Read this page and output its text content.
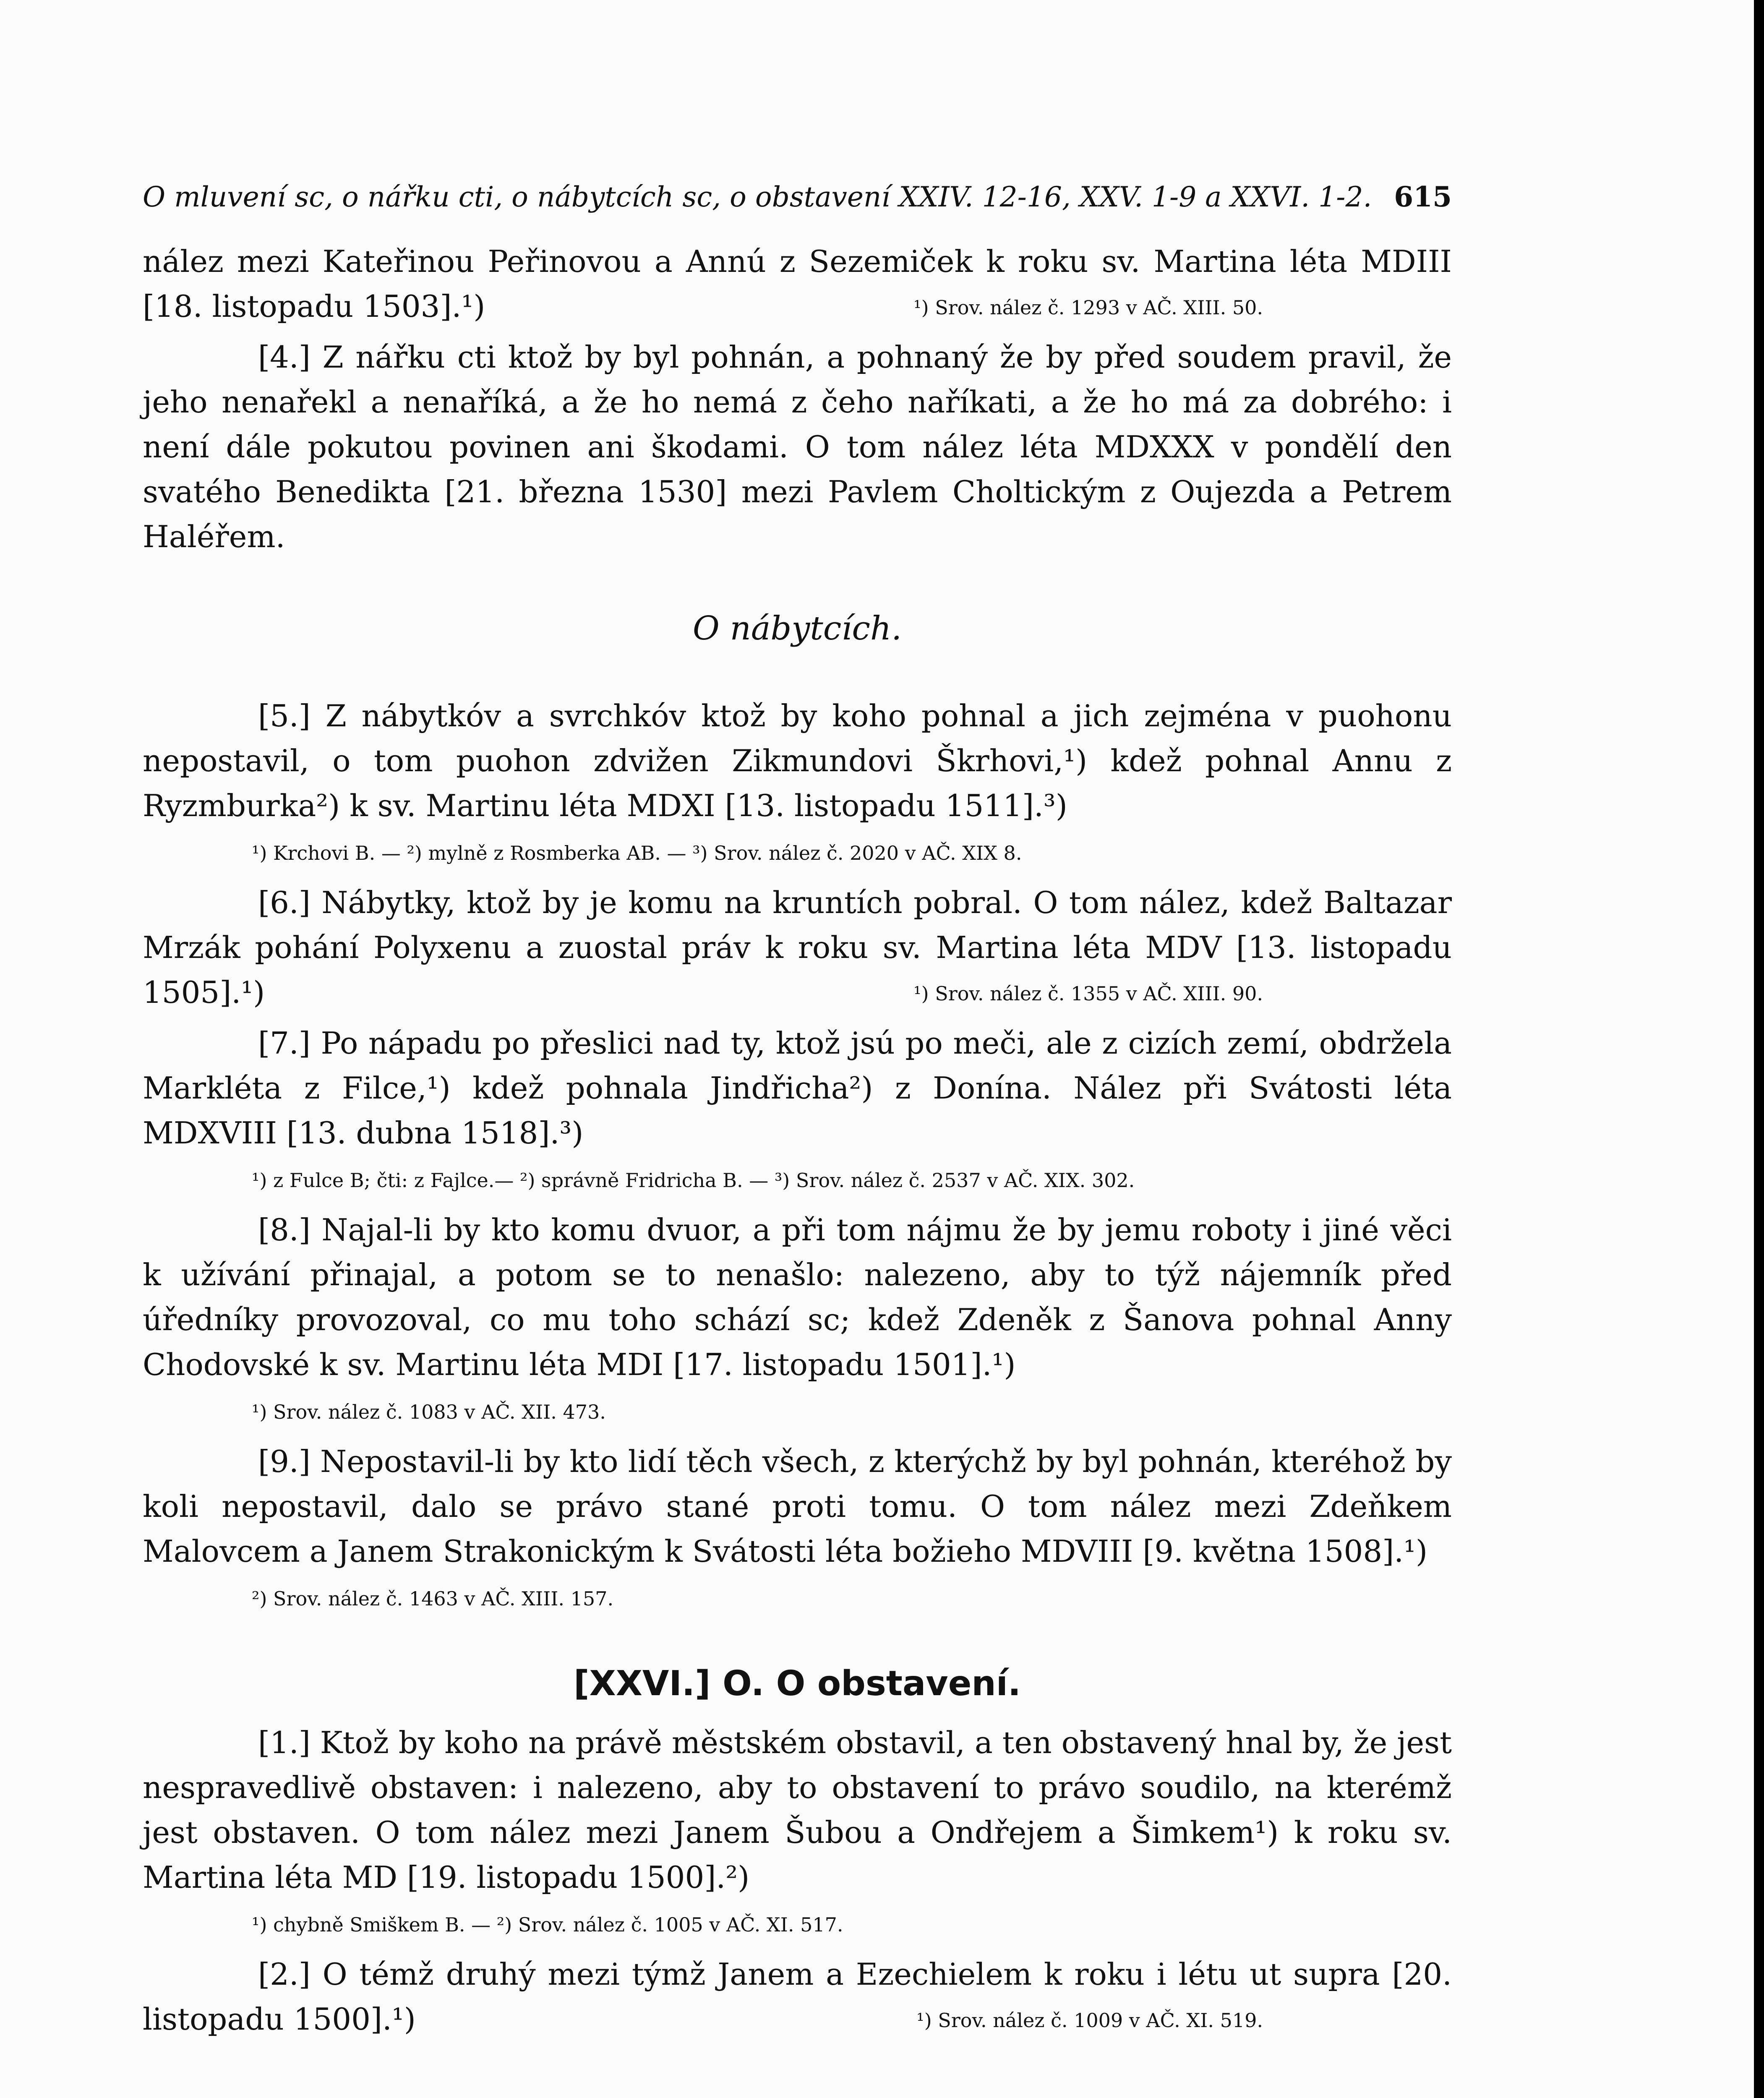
O mluvení sc, o nářku cti, o nábytcích sc, o obstavení XXIV. 12-16, XXV. 1-9 a XXVI. 1-2. 615

nález mezi Kateřinou Peřinovou a Annú z Sezemiček k roku sv. Martina léta MDIII [18. listopadu 1503].¹)	¹) Srov. nález č. 1293 v AČ. XIII. 50.

[4.] Z nářku cti ktož by byl pohnán, a pohnaný že by před soudem pravil, že jeho nenařekl a nenaříká, a že ho nemá z čeho naříkati, a že ho má za dobrého: i není dále pokutou povinen ani škodami. O tom nález léta MDXXX v pondělí den svatého Benedikta [21. března 1530] mezi Pavlem Choltickým z Oujezda a Petrem Haléřem.

O nábytcích.

[5.] Z nábytkóv a svrchkóv ktož by koho pohnal a jich zejména v puohonu nepostavil, o tom puohon zdvižen Zikmundovi Škrhovi,¹) kdež pohnal Annu z Ryzmburka²) k sv. Martinu léta MDXI [13. listopadu 1511].³)

¹) Krchovi B. — ²) mylně z Rosmberka AB. — ³) Srov. nález č. 2020 v AČ. XIX 8.

[6.] Nábytky, ktož by je komu na kruntích pobral. O tom nález, kdež Baltazar Mrzák pohání Polyxenu a zuostal práv k roku sv. Martina léta MDV [13. listopadu 1505].¹)	¹) Srov. nález č. 1355 v AČ. XIII. 90.

[7.] Po nápadu po přeslici nad ty, ktož jsú po meči, ale z cizích zemí, obdržela Markléta z Filce,¹) kdež pohnala Jindřicha²) z Donína. Nález při Svátosti léta MDXVIII [13. dubna 1518].³)

¹) z Fulce B; čti: z Fajlce.— ²) správně Fridricha B. — ³) Srov. nález č. 2537 v AČ. XIX. 302.

[8.] Najal-li by kto komu dvuor, a při tom nájmu že by jemu roboty i jiné věci k užívání přinajal, a potom se to nenašlo: nalezeno, aby to týž nájemník před úředníky provozoval, co mu toho schází sc; kdež Zdeněk z Šanova pohnal Anny Chodovské k sv. Martinu léta MDI [17. listopadu 1501].¹)

¹) Srov. nález č. 1083 v AČ. XII. 473.

[9.] Nepostavil-li by kto lidí těch všech, z kterýchž by byl pohnán, kteréhož by koli nepostavil, dalo se právo stané proti tomu. O tom nález mezi Zdeňkem Malovcem a Janem Strakonickým k Svátosti léta božieho MDVIII [9. května 1508].¹)

²) Srov. nález č. 1463 v AČ. XIII. 157.
[XXVI.] O. O obstavení.

[1.] Ktož by koho na právě městském obstavil, a ten obstavený hnal by, že jest nespravedlivě obstaven: i nalezeno, aby to obstavení to právo soudilo, na kterémž jest obstaven. O tom nález mezi Janem Šubou a Ondřejem a Šimkem¹) k roku sv. Martina léta MD [19. listopadu 1500].²)

¹) chybně Smiškem B. — ²) Srov. nález č. 1005 v AČ. XI. 517.

[2.] O témž druhý mezi týmž Janem a Ezechielem k roku i létu ut supra [20. listopadu 1500].¹)	¹) Srov. nález č. 1009 v AČ. XI. 519.
